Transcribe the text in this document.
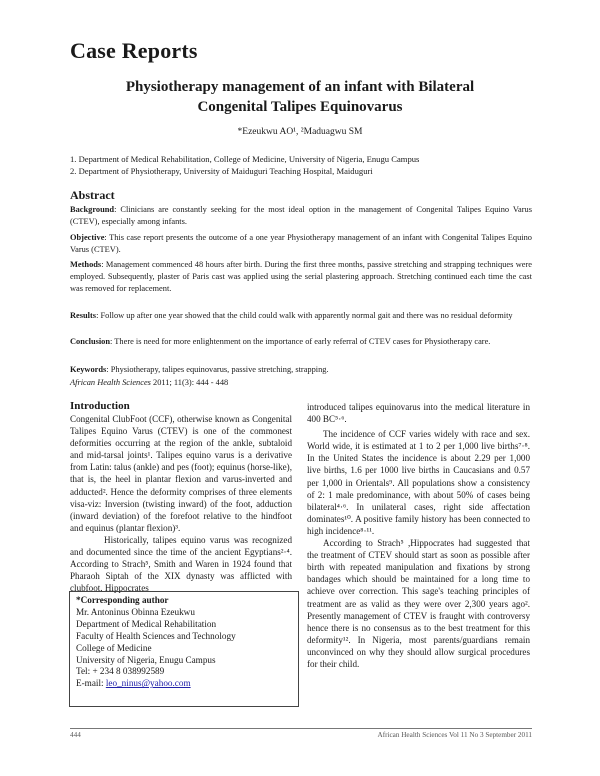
Case Reports
Physiotherapy management of an infant with Bilateral
Congenital Talipes Equinovarus
*Ezeukwu AO¹, ²Maduagwu SM
1. Department of Medical Rehabilitation, College of Medicine, University of Nigeria, Enugu Campus
2. Department of Physiotherapy, University of Maiduguri Teaching Hospital, Maiduguri
Abstract
Background: Clinicians are constantly seeking for the most ideal option in the management of Congenital Talipes Equino Varus (CTEV), especially among infants.
Objective: This case report presents the outcome of a one year Physiotherapy management of an infant with Congenital Talipes Equino Varus (CTEV).
Methods: Management commenced 48 hours after birth. During the first three months, passive stretching and strapping techniques were employed. Subsequently, plaster of Paris cast was applied using the serial plastering approach. Stretching continued each time the cast was removed for replacement.
Results: Follow up after one year showed that the child could walk with apparently normal gait and there was no residual deformity
Conclusion: There is need for more enlightenment on the importance of early referral of CTEV cases for Physiotherapy care.
Keywords: Physiotherapy, talipes equinovarus, passive stretching, strapping.
African Health Sciences 2011; 11(3): 444 - 448
Introduction

Congenital ClubFoot (CCF), otherwise known as Congenital Talipes Equino Varus (CTEV) is one of the commonest deformities occurring at the region of the ankle, subtaloid and mid-tarsal joints¹. Talipes equino varus is a derivative from Latin: talus (ankle) and pes (foot); equinus (horse-like), that is, the heel in plantar flexion and varus-inverted and adducted². Hence the deformity comprises of three elements visa-viz: Inversion (twisting inward) of the foot, adduction (inward deviation) of the forefoot relative to the hindfoot and equinus (plantar flexion)³.

Historically, talipes equino varus was recognized and documented since the time of the ancient Egyptians²·⁴. According to Strach⁵, Smith and Waren in 1924 found that Pharaoh Siptah of the XIX dynasty was afflicted with clubfoot. Hippocrates

introduced talipes equinovarus into the medical literature in 400 BC⁵·⁶.

The incidence of CCF varies widely with race and sex. World wide, it is estimated at 1 to 2 per 1,000 live births⁷·⁸. In the United States the incidence is about 2.29 per 1,000 live births, 1.6 per 1000 live births in Caucasians and 0.57 per 1,000 in Orientals⁹. All populations show a consistency of 2: 1 male predominance, with about 50% of cases being bilateral⁴·⁶. In unilateral cases, right side affectation dominates¹⁰. A positive family history has been connected to high incidence⁸·¹¹.

According to Strach⁵ ,Hippocrates had suggested that the treatment of CTEV should start as soon as possible after birth with repeated manipulation and fixations by strong bandages which should be maintained for a long time to achieve over correction. This sage's teaching principles of treatment are as valid as they were over 2,300 years ago². Presently management of CTEV is fraught with controversy hence there is no consensus as to the best treatment for this deformity¹². In Nigeria, most parents/guardians remain unconvinced on why they should allow surgical procedures for their child.

*Corresponding author
Mr. Antoninus Obinna Ezeukwu
Department of Medical Rehabilitation
Faculty of Health Sciences and Technology
College of Medicine
University of Nigeria, Enugu Campus
Tel: + 234 8 038992589
E-mail: leo_ninus@yahoo.com
444	African Health Sciences Vol 11 No 3 September 2011
